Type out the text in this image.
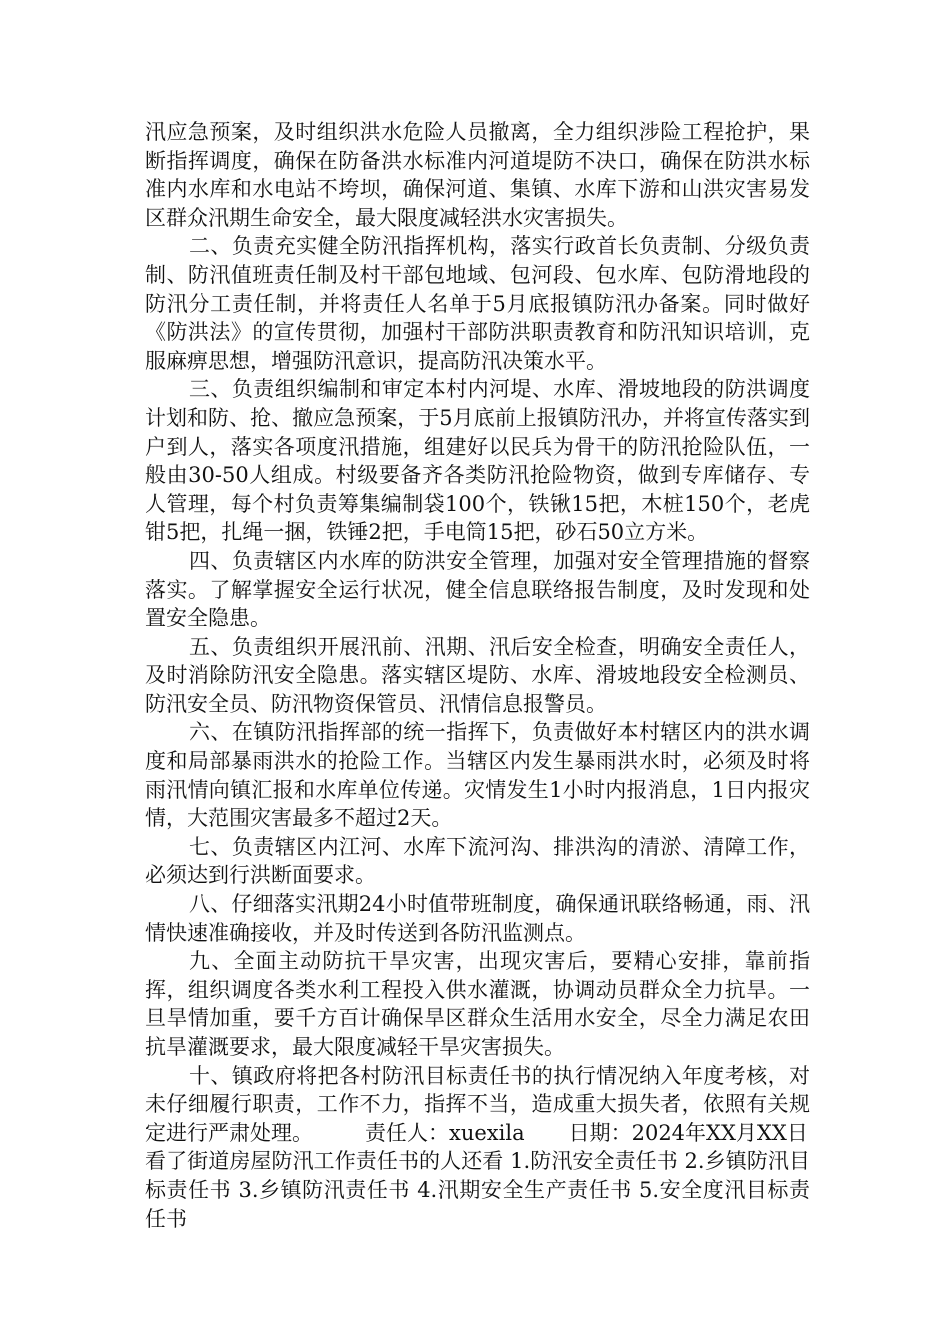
汛应急预案，及时组织洪水危险人员撤离，全力组织涉险工程抢护，果断指挥调度，确保在防备洪水标准内河道堤防不决口，确保在防洪水标准内水库和水电站不垮坝，确保河道、集镇、水库下游和山洪灾害易发区群众汛期生命安全，最大限度减轻洪水灾害损失。

二、负责充实健全防汛指挥机构，落实行政首长负责制、分级负责制、防汛值班责任制及村干部包地域、包河段、包水库、包防滑地段的防汛分工责任制，并将责任人名单于5月底报镇防汛办备案。同时做好《防洪法》的宣传贯彻，加强村干部防洪职责教育和防汛知识培训，克服麻痹思想，增强防汛意识，提高防汛决策水平。

三、负责组织编制和审定本村内河堤、水库、滑坡地段的防洪调度计划和防、抢、撤应急预案，于5月底前上报镇防汛办，并将宣传落实到户到人，落实各项度汛措施，组建好以民兵为骨干的防汛抢险队伍，一般由30-50人组成。村级要备齐各类防汛抢险物资，做到专库储存、专人管理，每个村负责筹集编制袋100个，铁锹15把，木桩150个，老虎钳5把，扎绳一捆，铁锤2把，手电筒15把，砂石50立方米。

四、负责辖区内水库的防洪安全管理，加强对安全管理措施的督察落实。了解掌握安全运行状况，健全信息联络报告制度，及时发现和处置安全隐患。

五、负责组织开展汛前、汛期、汛后安全检查，明确安全责任人，及时消除防汛安全隐患。落实辖区堤防、水库、滑坡地段安全检测员、防汛安全员、防汛物资保管员、汛情信息报警员。

六、在镇防汛指挥部的统一指挥下，负责做好本村辖区内的洪水调度和局部暴雨洪水的抢险工作。当辖区内发生暴雨洪水时，必须及时将雨汛情向镇汇报和水库单位传递。灾情发生1小时内报消息，1日内报灾情，大范围灾害最多不超过2天。

七、负责辖区内江河、水库下流河沟、排洪沟的清淤、清障工作，必须达到行洪断面要求。

八、仔细落实汛期24小时值带班制度，确保通讯联络畅通，雨、汛情快速准确接收，并及时传送到各防汛监测点。

九、全面主动防抗干旱灾害，出现灾害后，要精心安排，靠前指挥，组织调度各类水利工程投入供水灌溉，协调动员群众全力抗旱。一旦旱情加重，要千方百计确保旱区群众生活用水安全，尽全力满足农田抗旱灌溉要求，最大限度减轻干旱灾害损失。

十、镇政府将把各村防汛目标责任书的执行情况纳入年度考核，对未仔细履行职责，工作不力，指挥不当，造成重大损失者，依照有关规定进行严肃处理。 责任人：xuexila 日期：2024年XX月XX日

看了街道房屋防汛工作责任书的人还看 1.防汛安全责任书 2.乡镇防汛目标责任书 3.乡镇防汛责任书 4.汛期安全生产责任书 5.安全度汛目标责任书
